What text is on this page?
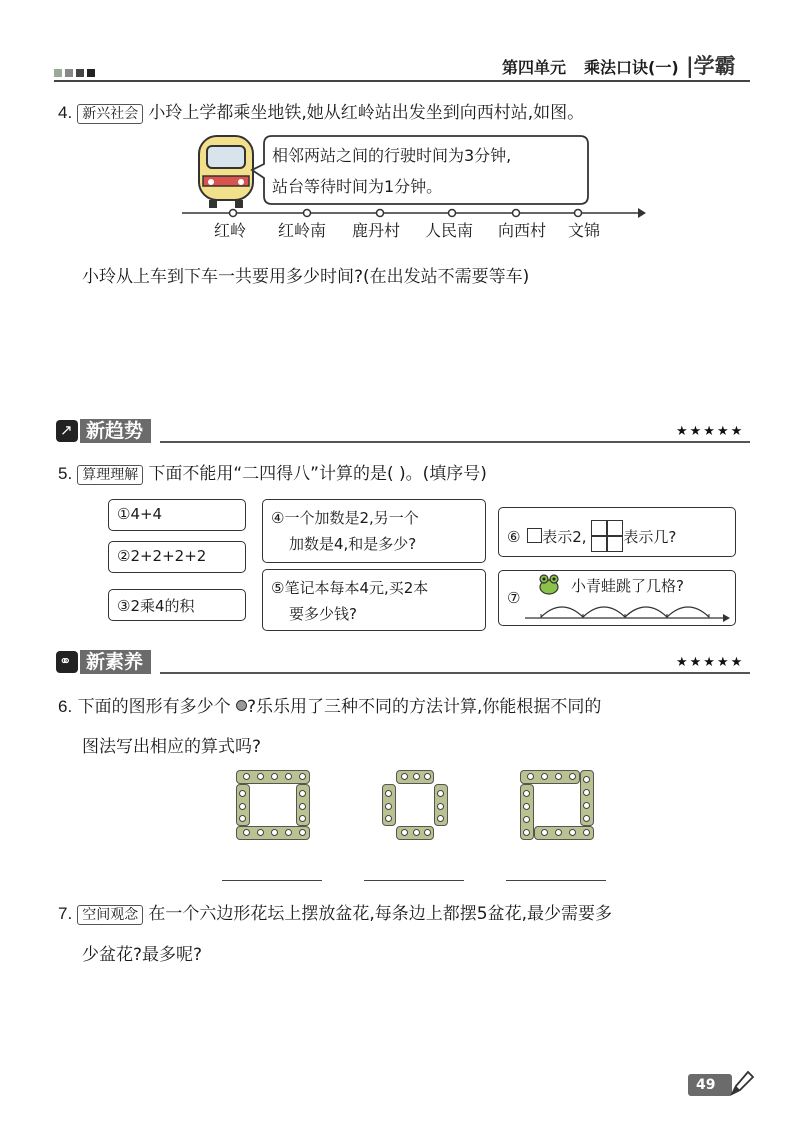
第四单元 乘法口诀(一) |学霸
4. 新兴社会 小玲上学都乘坐地铁,她从红岭站出发坐到向西村站,如图。
相邻两站之间的行驶时间为3分钟,
站台等待时间为1分钟。
红岭 红岭南 鹿丹村 人民南 向西村 文锦
小玲从上车到下车一共要用多少时间?(在出发站不需要等车)
↗ 新趋势	★★★★★
5. 算理理解 下面不能用“二四得八”计算的是( )。(填序号)
①4+4
②2+2+2+2
③2乘4的积
④一个加数是2,另一个
加数是4,和是多少?
⑤笔记本每本4元,买2本
要多少钱?
⑥ 表示2, 表示几?
⑦
小青蛙跳了几格?
⚭ 新素养	★★★★★
6. 下面的图形有多少个 ?乐乐用了三种不同的方法计算,你能根据不同的
图法写出相应的算式吗?
7. 空间观念 在一个六边形花坛上摆放盆花,每条边上都摆5盆花,最少需要多
少盆花?最多呢?
49
